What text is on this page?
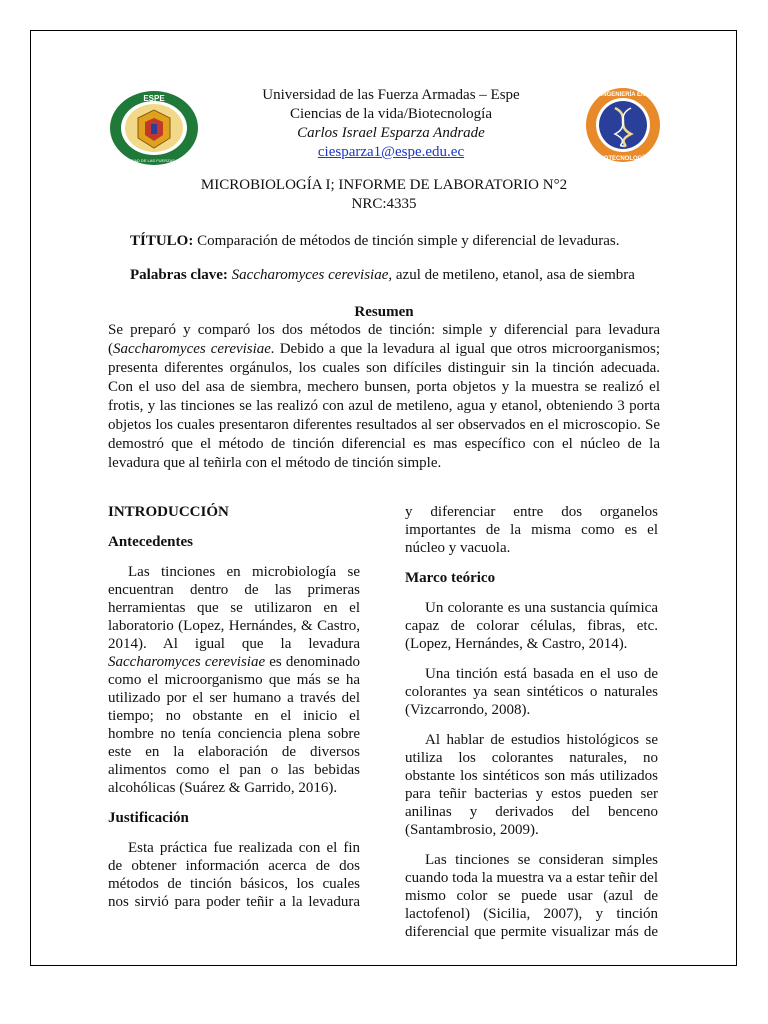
ESPE
UNIVERSIDAD DE LAS FUERZAS ARMADAS
INGENIERÍA EN
BIOTECNOLOGÍA
Universidad de las Fuerza Armadas – Espe
Ciencias de la vida/Biotecnología
Carlos Israel Esparza Andrade
ciesparza1@espe.edu.ec
MICROBIOLOGÍA I; INFORME DE LABORATORIO N°2
NRC:4335
TÍTULO: Comparación de métodos de tinción simple y diferencial de levaduras.
Palabras clave: Saccharomyces cerevisiae, azul de metileno, etanol, asa de siembra
Resumen

Se preparó y comparó los dos métodos de tinción: simple y diferencial para levadura (Saccharomyces cerevisiae. Debido a que la levadura al igual que otros microorganismos; presenta diferentes orgánulos, los cuales son difíciles distinguir sin la tinción adecuada. Con el uso del asa de siembra, mechero bunsen, porta objetos y la muestra se realizó el frotis, y las tinciones se las realizó con azul de metileno, agua y etanol, obteniendo 3 porta objetos los cuales presentaron diferentes resultados al ser observados en el microscopio. Se demostró que el método de tinción diferencial es mas específico con el núcleo de la levadura que al teñirla con el método de tinción simple.

INTRODUCCIÓN

Antecedentes

Las tinciones en microbiología se encuentran dentro de las primeras herramientas que se utilizaron en el laboratorio (Lopez, Hernándes, & Castro, 2014). Al igual que la levadura Saccharomyces cerevisiae es denominado como el microorganismo que más se ha utilizado por el ser humano a través del tiempo; no obstante en el inicio el hombre no tenía conciencia plena sobre este en la elaboración de diversos alimentos como el pan o las bebidas alcohólicas (Suárez & Garrido, 2016).

Justificación

Esta práctica fue realizada con el fin de obtener información acerca de dos métodos de tinción básicos, los cuales nos sirvió para poder teñir a la levadura

y diferenciar entre dos organelos importantes de la misma como es el núcleo y vacuola.

Marco teórico

Un colorante es una sustancia química capaz de colorar células, fibras, etc. (Lopez, Hernándes, & Castro, 2014).

Una tinción está basada en el uso de colorantes ya sean sintéticos o naturales (Vizcarrondo, 2008).

Al hablar de estudios histológicos se utiliza los colorantes naturales, no obstante los sintéticos son más utilizados para teñir bacterias y estos pueden ser anilinas y derivados del benceno (Santambrosio, 2009).

Las tinciones se consideran simples cuando toda la muestra va a estar teñir del mismo color se puede usar (azul de lactofenol) (Sicilia, 2007), y tinción diferencial que permite visualizar más de
